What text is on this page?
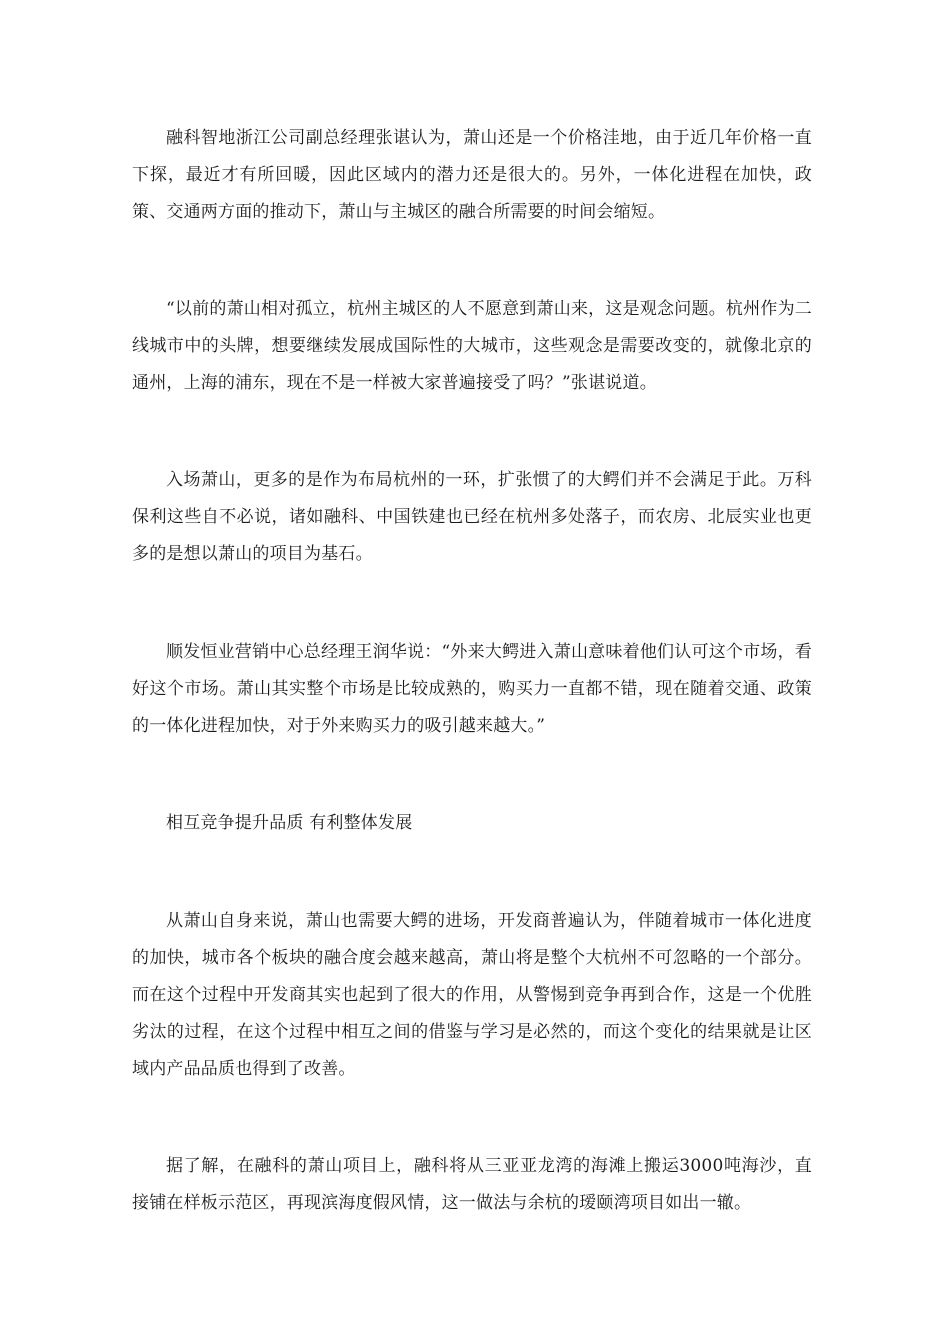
融科智地浙江公司副总经理张谌认为，萧山还是一个价格洼地，由于近几年价格一直下探，最近才有所回暖，因此区域内的潜力还是很大的。另外，一体化进程在加快，政策、交通两方面的推动下，萧山与主城区的融合所需要的时间会缩短。

“以前的萧山相对孤立，杭州主城区的人不愿意到萧山来，这是观念问题。杭州作为二线城市中的头牌，想要继续发展成国际性的大城市，这些观念是需要改变的，就像北京的通州，上海的浦东，现在不是一样被大家普遍接受了吗？”张谌说道。

入场萧山，更多的是作为布局杭州的一环，扩张惯了的大鳄们并不会满足于此。万科保利这些自不必说，诸如融科、中国铁建也已经在杭州多处落子，而农房、北辰实业也更多的是想以萧山的项目为基石。

顺发恒业营销中心总经理王润华说：“外来大鳄进入萧山意味着他们认可这个市场，看好这个市场。萧山其实整个市场是比较成熟的，购买力一直都不错，现在随着交通、政策的一体化进程加快，对于外来购买力的吸引越来越大。”

相互竞争提升品质 有利整体发展

从萧山自身来说，萧山也需要大鳄的进场，开发商普遍认为，伴随着城市一体化进度的加快，城市各个板块的融合度会越来越高，萧山将是整个大杭州不可忽略的一个部分。而在这个过程中开发商其实也起到了很大的作用，从警惕到竞争再到合作，这是一个优胜劣汰的过程，在这个过程中相互之间的借鉴与学习是必然的，而这个变化的结果就是让区域内产品品质也得到了改善。

据了解，在融科的萧山项目上，融科将从三亚亚龙湾的海滩上搬运3000吨海沙，直接铺在样板示范区，再现滨海度假风情，这一做法与余杭的瑷颐湾项目如出一辙。
